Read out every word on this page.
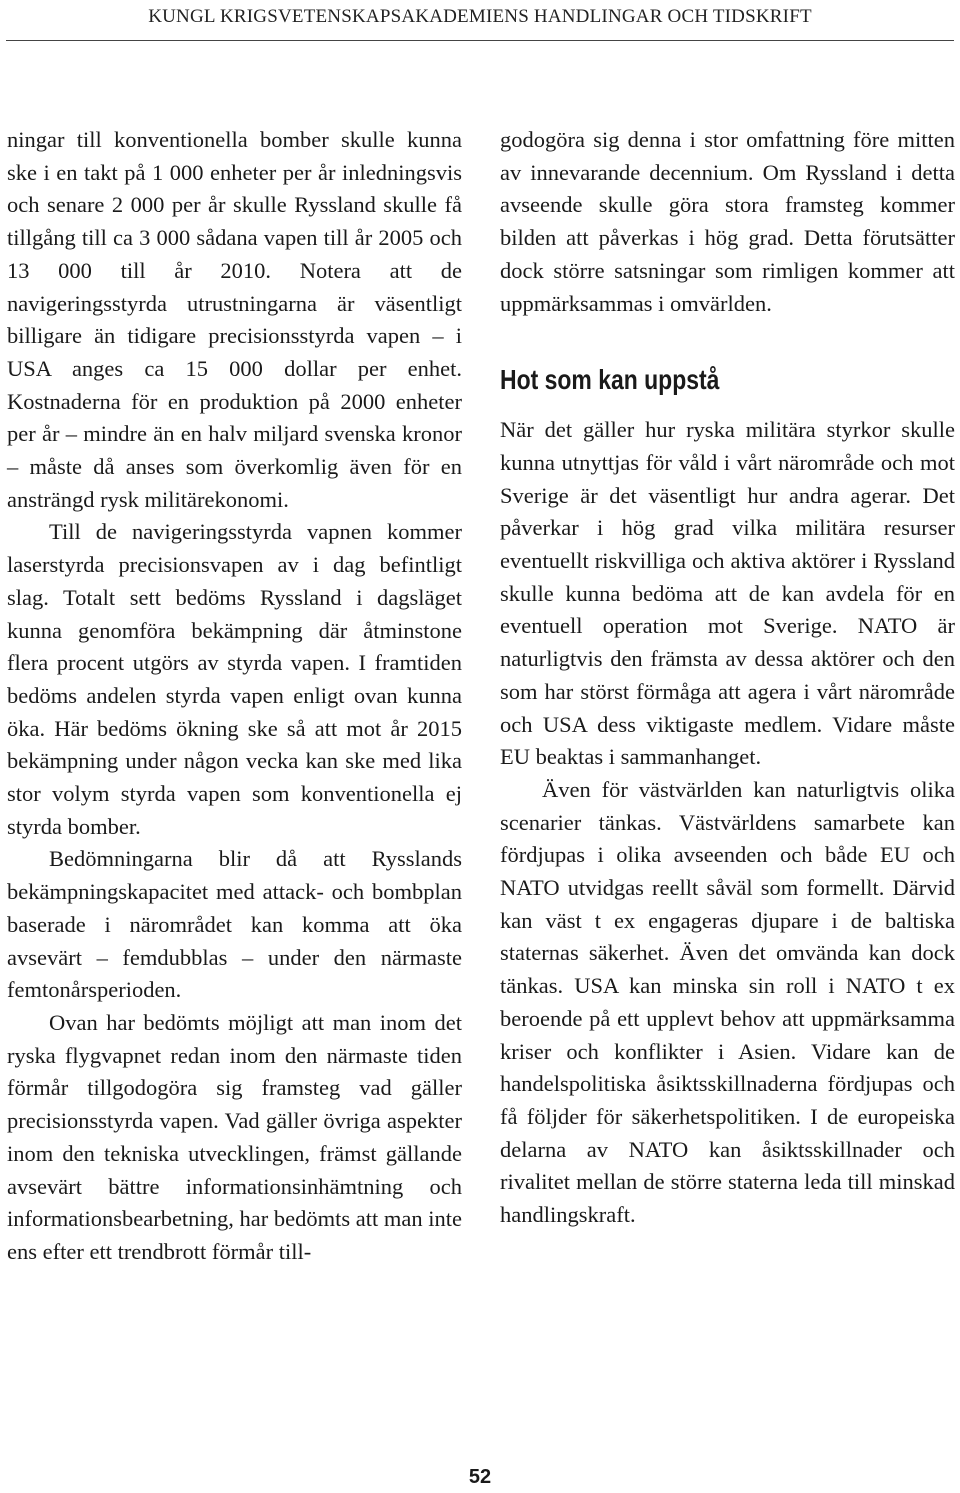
KUNGL KRIGSVETENSKAPSAKADEMIENS HANDLINGAR OCH TIDSKRIFT

ningar till konventionella bomber skulle kunna ske i en takt på 1 000 enheter per år inledningsvis och senare 2 000 per år skulle Ryssland skulle få tillgång till ca 3 000 sådana vapen till år 2005 och 13 000 till år 2010. Notera att de navigeringsstyrda utrustningarna är väsentligt billigare än tidigare precisionsstyrda vapen – i USA anges ca 15 000 dollar per enhet. Kostnaderna för en produktion på 2000 enheter per år – mindre än en halv miljard svenska kronor – måste då anses som överkomlig även för en ansträngd rysk militärekonomi.

Till de navigeringsstyrda vapnen kommer laserstyrda precisionsvapen av i dag befintligt slag. Totalt sett bedöms Ryssland i dagsläget kunna genomföra bekämpning där åtminstone flera procent utgörs av styrda vapen. I framtiden bedöms andelen styrda vapen enligt ovan kunna öka. Här bedöms ökning ske så att mot år 2015 bekämpning under någon vecka kan ske med lika stor volym styrda vapen som konventionella ej styrda bomber.

Bedömningarna blir då att Rysslands bekämpningskapacitet med attack- och bombplan baserade i närområdet kan komma att öka avsevärt – femdubblas – under den närmaste femtonårsperioden.

Ovan har bedömts möjligt att man inom det ryska flygvapnet redan inom den närmaste tiden förmår tillgodogöra sig framsteg vad gäller precisionsstyrda vapen. Vad gäller övriga aspekter inom den tekniska utvecklingen, främst gällande avsevärt bättre informationsinhämtning och informationsbearbetning, har bedömts att man inte ens efter ett trendbrott förmår till-

godogöra sig denna i stor omfattning före mitten av innevarande decennium. Om Ryssland i detta avseende skulle göra stora framsteg kommer bilden att påverkas i hög grad. Detta förutsätter dock större satsningar som rimligen kommer att uppmärksammas i omvärlden.

Hot som kan uppstå

När det gäller hur ryska militära styrkor skulle kunna utnyttjas för våld i vårt närområde och mot Sverige är det väsentligt hur andra agerar. Det påverkar i hög grad vilka militära resurser eventuellt riskvilliga och aktiva aktörer i Ryssland skulle kunna bedöma att de kan avdela för en eventuell operation mot Sverige. NATO är naturligtvis den främsta av dessa aktörer och den som har störst förmåga att agera i vårt närområde och USA dess viktigaste medlem. Vidare måste EU beaktas i sammanhanget.

Även för västvärlden kan naturligtvis olika scenarier tänkas. Västvärldens samarbete kan fördjupas i olika avseenden och både EU och NATO utvidgas reellt såväl som formellt. Därvid kan väst t ex engageras djupare i de baltiska staternas säkerhet. Även det omvända kan dock tänkas. USA kan minska sin roll i NATO t ex beroende på ett upplevt behov att uppmärksamma kriser och konflikter i Asien. Vidare kan de handelspolitiska åsiktsskillnaderna fördjupas och få följder för säkerhetspolitiken. I de europeiska delarna av NATO kan åsiktsskillnader och rivalitet mellan de större staterna leda till minskad handlingskraft.

52
